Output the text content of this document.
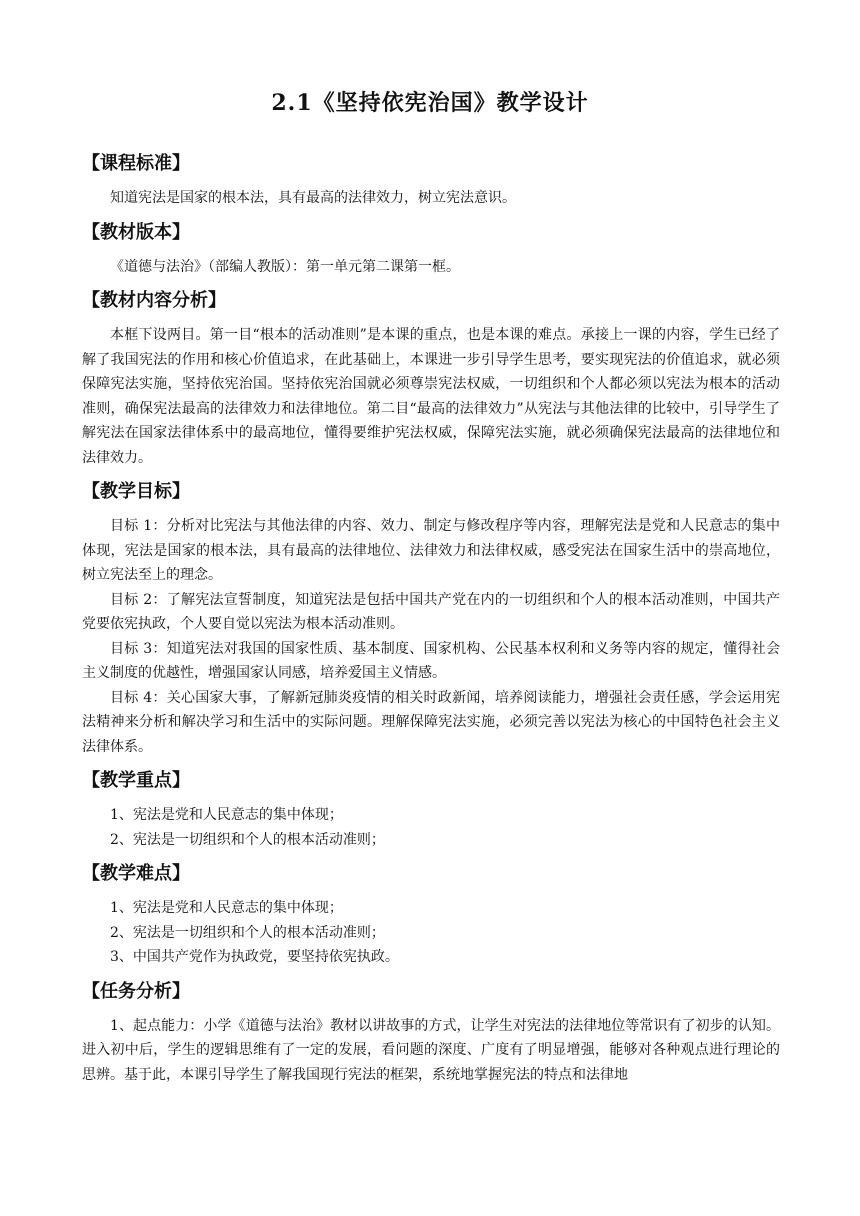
2.1《坚持依宪治国》教学设计
【课程标准】

知道宪法是国家的根本法，具有最高的法律效力，树立宪法意识。

【教材版本】

《道德与法治》（部编人教版）：第一单元第二课第一框。

【教材内容分析】

本框下设两目。第一目“根本的活动准则”是本课的重点，也是本课的难点。承接上一课的内容，学生已经了解了我国宪法的作用和核心价值追求，在此基础上，本课进一步引导学生思考，要实现宪法的价值追求，就必须保障宪法实施，坚持依宪治国。坚持依宪治国就必须尊崇宪法权威，一切组织和个人都必须以宪法为根本的活动准则，确保宪法最高的法律效力和法律地位。第二目“最高的法律效力”从宪法与其他法律的比较中，引导学生了解宪法在国家法律体系中的最高地位，懂得要维护宪法权威，保障宪法实施，就必须确保宪法最高的法律地位和法律效力。

【教学目标】

目标 1：分析对比宪法与其他法律的内容、效力、制定与修改程序等内容，理解宪法是党和人民意志的集中体现，宪法是国家的根本法，具有最高的法律地位、法律效力和法律权威，感受宪法在国家生活中的崇高地位，树立宪法至上的理念。

目标 2：了解宪法宣誓制度，知道宪法是包括中国共产党在内的一切组织和个人的根本活动准则，中国共产党要依宪执政，个人要自觉以宪法为根本活动准则。

目标 3：知道宪法对我国的国家性质、基本制度、国家机构、公民基本权利和义务等内容的规定，懂得社会主义制度的优越性，增强国家认同感，培养爱国主义情感。

目标 4：关心国家大事，了解新冠肺炎疫情的相关时政新闻，培养阅读能力，增强社会责任感，学会运用宪法精神来分析和解决学习和生活中的实际问题。理解保障宪法实施，必须完善以宪法为核心的中国特色社会主义法律体系。

【教学重点】

1、宪法是党和人民意志的集中体现；

2、宪法是一切组织和个人的根本活动准则；

【教学难点】

1、宪法是党和人民意志的集中体现；

2、宪法是一切组织和个人的根本活动准则；

3、中国共产党作为执政党，要坚持依宪执政。

【任务分析】

1、起点能力：小学《道德与法治》教材以讲故事的方式，让学生对宪法的法律地位等常识有了初步的认知。进入初中后，学生的逻辑思维有了一定的发展，看问题的深度、广度有了明显增强，能够对各种观点进行理论的思辨。基于此，本课引导学生了解我国现行宪法的框架，系统地掌握宪法的特点和法律地
